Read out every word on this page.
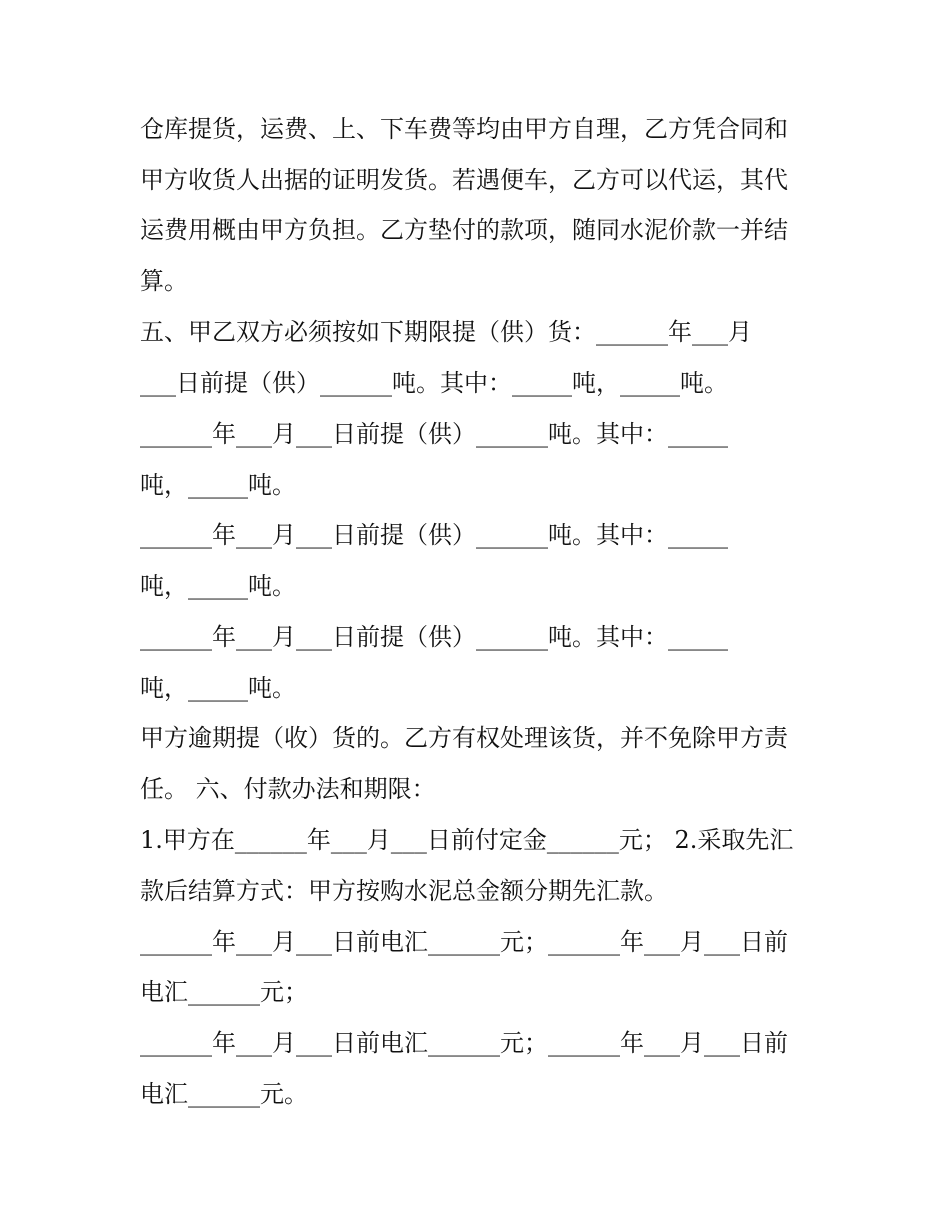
仓库提货，运费、上、下车费等均由甲方自理，乙方凭合同和
甲方收货人出据的证明发货。若遇便车，乙方可以代运，其代
运费用概由甲方负担。乙方垫付的款项，随同水泥价款一并结
算。
五、甲乙双方必须按如下期限提（供）货：______年___月
___日前提（供）______吨。其中：_____吨，_____吨。
______年___月___日前提（供）______吨。其中：_____
吨，_____吨。
______年___月___日前提（供）______吨。其中：_____
吨，_____吨。
______年___月___日前提（供）______吨。其中：_____
吨，_____吨。
甲方逾期提（收）货的。乙方有权处理该货，并不免除甲方责
任。 六、付款办法和期限：
1.甲方在______年___月___日前付定金______元； 2.采取先汇
款后结算方式：甲方按购水泥总金额分期先汇款。
______年___月___日前电汇______元；______年___月___日前
电汇______元；
______年___月___日前电汇______元；______年___月___日前
电汇______元。
